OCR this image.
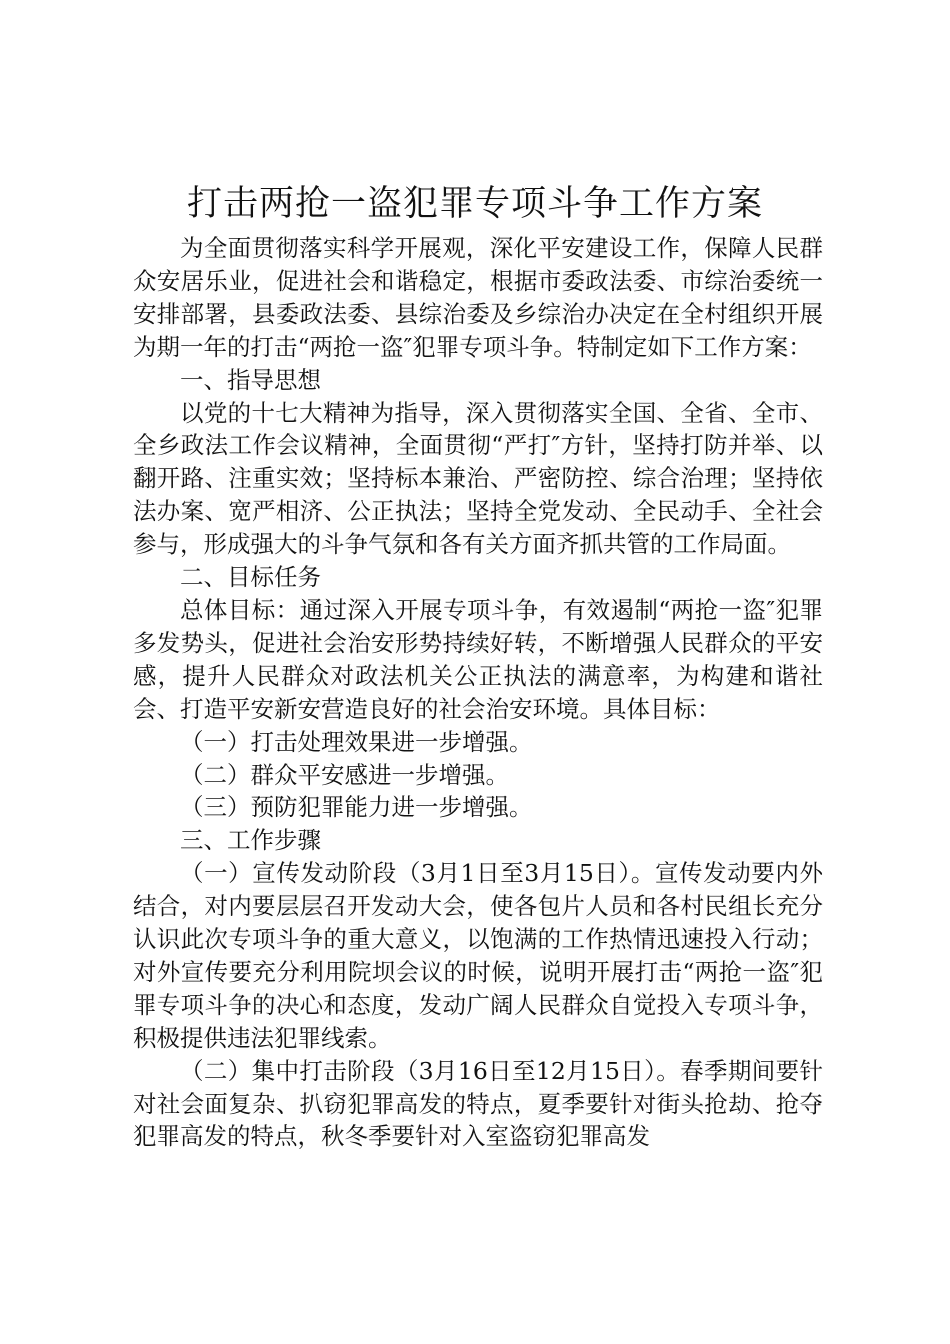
打击两抢一盗犯罪专项斗争工作方案

为全面贯彻落实科学开展观，深化平安建设工作，保障人民群众安居乐业，促进社会和谐稳定，根据市委政法委、市综治委统一安排部署，县委政法委、县综治委及乡综治办决定在全村组织开展为期一年的打击“两抢一盗″犯罪专项斗争。特制定如下工作方案：

一、指导思想

以党的十七大精神为指导，深入贯彻落实全国、全省、全市、全乡政法工作会议精神，全面贯彻“严打″方针，坚持打防并举、以翻开路、注重实效；坚持标本兼治、严密防控、综合治理；坚持依法办案、宽严相济、公正执法；坚持全党发动、全民动手、全社会参与，形成强大的斗争气氛和各有关方面齐抓共管的工作局面。

二、目标任务

总体目标：通过深入开展专项斗争，有效遏制“两抢一盗″犯罪多发势头，促进社会治安形势持续好转，不断增强人民群众的平安感，提升人民群众对政法机关公正执法的满意率，为构建和谐社会、打造平安新安营造良好的社会治安环境。具体目标：

（一）打击处理效果进一步增强。

（二）群众平安感进一步增强。

（三）预防犯罪能力进一步增强。

三、工作步骤

（一）宣传发动阶段（3月1日至3月15日）。宣传发动要内外结合，对内要层层召开发动大会，使各包片人员和各村民组长充分认识此次专项斗争的重大意义，以饱满的工作热情迅速投入行动；对外宣传要充分利用院坝会议的时候，说明开展打击“两抢一盗″犯罪专项斗争的决心和态度，发动广阔人民群众自觉投入专项斗争，积极提供违法犯罪线索。

（二）集中打击阶段（3月16日至12月15日）。春季期间要针对社会面复杂、扒窃犯罪高发的特点，夏季要针对街头抢劫、抢夺犯罪高发的特点，秋冬季要针对入室盗窃犯罪高发
